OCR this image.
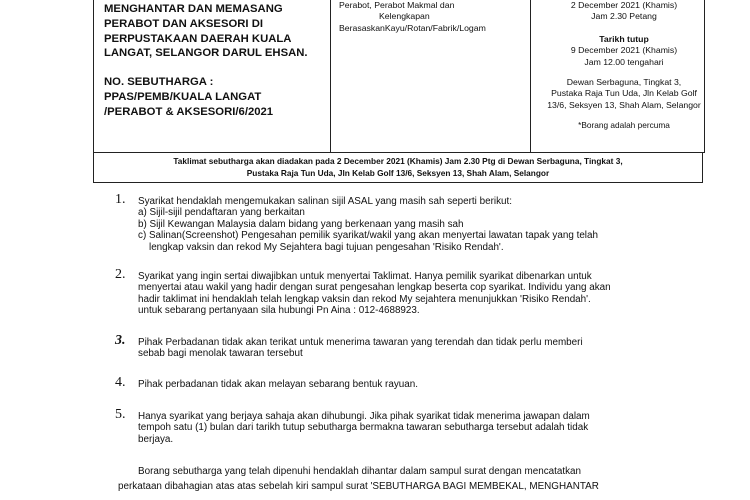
MENGHANTAR DAN MEMASANG

PERABOT DAN AKSESORI DI

PERPUSTAKAAN DAERAH KUALA

LANGAT, SELANGOR DARUL EHSAN.

NO. SEBUTHARGA :

PPAS/PEMB/KUALA LANGAT

/PERABOT & AKSESORI/6/2021

Perabot, Perabot Makmal dan
Kelengkapan
BerasaskanKayu/Rotan/Fabrik/Logam
2 December 2021 (Khamis)
Jam 2.30 Petang
Tarikh tutup
9 December 2021 (Khamis)
Jam 12.00 tengahari
Dewan Serbaguna, Tingkat 3,
Pustaka Raja Tun Uda, Jln Kelab Golf
13/6, Seksyen 13, Shah Alam, Selangor
*Borang adalah percuma
Taklimat sebutharga akan diadakan pada 2 December 2021 (Khamis) Jam 2.30 Ptg di Dewan Serbaguna, Tingkat 3,
Pustaka Raja Tun Uda, Jln Kelab Golf 13/6, Seksyen 13, Shah Alam, Selangor
1. Syarikat hendaklah mengemukakan salinan sijil ASAL yang masih sah seperti berikut:

a) Sijil-sijil pendaftaran yang berkaitan

b) Sijil Kewangan Malaysia dalam bidang yang berkenaan yang masih sah

c) Salinan(Screenshot) Pengesahan pemilik syarikat/wakil yang akan menyertai lawatan tapak yang telah

lengkap vaksin dan rekod My Sejahtera bagi tujuan pengesahan 'Risiko Rendah'.

2. Syarikat yang ingin sertai diwajibkan untuk menyertai Taklimat. Hanya pemilik syarikat dibenarkan untuk

menyertai atau wakil yang hadir dengan surat pengesahan lengkap beserta cop syarikat. Individu yang akan

hadir taklimat ini hendaklah telah lengkap vaksin dan rekod My sejahtera menunjukkan 'Risiko Rendah'.

untuk sebarang pertanyaan sila hubungi Pn Aina : 012-4688923.

3. Pihak Perbadanan tidak akan terikat untuk menerima tawaran yang terendah dan tidak perlu memberi

sebab bagi menolak tawaran tersebut

4. Pihak perbadanan tidak akan melayan sebarang bentuk rayuan.

5. Hanya syarikat yang berjaya sahaja akan dihubungi. Jika pihak syarikat tidak menerima jawapan dalam

tempoh satu (1) bulan dari tarikh tutup sebutharga bermakna tawaran sebutharga tersebut adalah tidak

berjaya.

Borang sebutharga yang telah dipenuhi hendaklah dihantar dalam sampul surat dengan mencatatkan

perkataan dibahagian atas atas sebelah kiri sampul surat 'SEBUTHARGA BAGI MEMBEKAL, MENGHANTAR
